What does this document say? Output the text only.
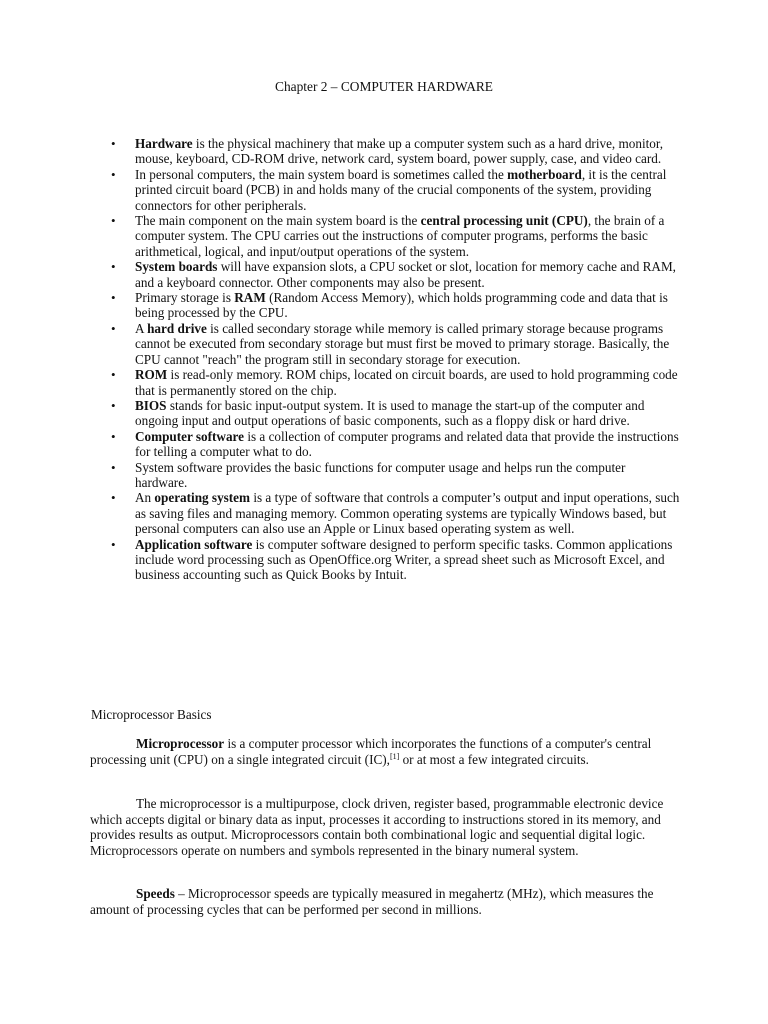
Chapter 2 – COMPUTER HARDWARE
• Hardware is the physical machinery that make up a computer system such as a hard drive, monitor, mouse, keyboard, CD-ROM drive, network card, system board, power supply, case, and video card.
• In personal computers, the main system board is sometimes called the motherboard, it is the central printed circuit board (PCB) in and holds many of the crucial components of the system, providing connectors for other peripherals.
• The main component on the main system board is the central processing unit (CPU), the brain of a computer system. The CPU carries out the instructions of computer programs, performs the basic arithmetical, logical, and input/output operations of the system.
• System boards will have expansion slots, a CPU socket or slot, location for memory cache and RAM, and a keyboard connector. Other components may also be present.
• Primary storage is RAM (Random Access Memory), which holds programming code and data that is being processed by the CPU.
• A hard drive is called secondary storage while memory is called primary storage because programs cannot be executed from secondary storage but must first be moved to primary storage. Basically, the CPU cannot "reach" the program still in secondary storage for execution.
• ROM is read-only memory. ROM chips, located on circuit boards, are used to hold programming code that is permanently stored on the chip.
• BIOS stands for basic input-output system. It is used to manage the start-up of the computer and ongoing input and output operations of basic components, such as a floppy disk or hard drive.
• Computer software is a collection of computer programs and related data that provide the instructions for telling a computer what to do.
• System software provides the basic functions for computer usage and helps run the computer hardware.
• An operating system is a type of software that controls a computer’s output and input operations, such as saving files and managing memory. Common operating systems are typically Windows based, but personal computers can also use an Apple or Linux based operating system as well.
• Application software is computer software designed to perform specific tasks. Common applications include word processing such as OpenOffice.org Writer, a spread sheet such as Microsoft Excel, and business accounting such as Quick Books by Intuit.
Microprocessor Basics

Microprocessor is a computer processor which incorporates the functions of a computer's central processing unit (CPU) on a single integrated circuit (IC),[1] or at most a few integrated circuits.

The microprocessor is a multipurpose, clock driven, register based, programmable electronic device which accepts digital or binary data as input, processes it according to instructions stored in its memory, and provides results as output. Microprocessors contain both combinational logic and sequential digital logic. Microprocessors operate on numbers and symbols represented in the binary numeral system.

Speeds – Microprocessor speeds are typically measured in megahertz (MHz), which measures the amount of processing cycles that can be performed per second in millions.
